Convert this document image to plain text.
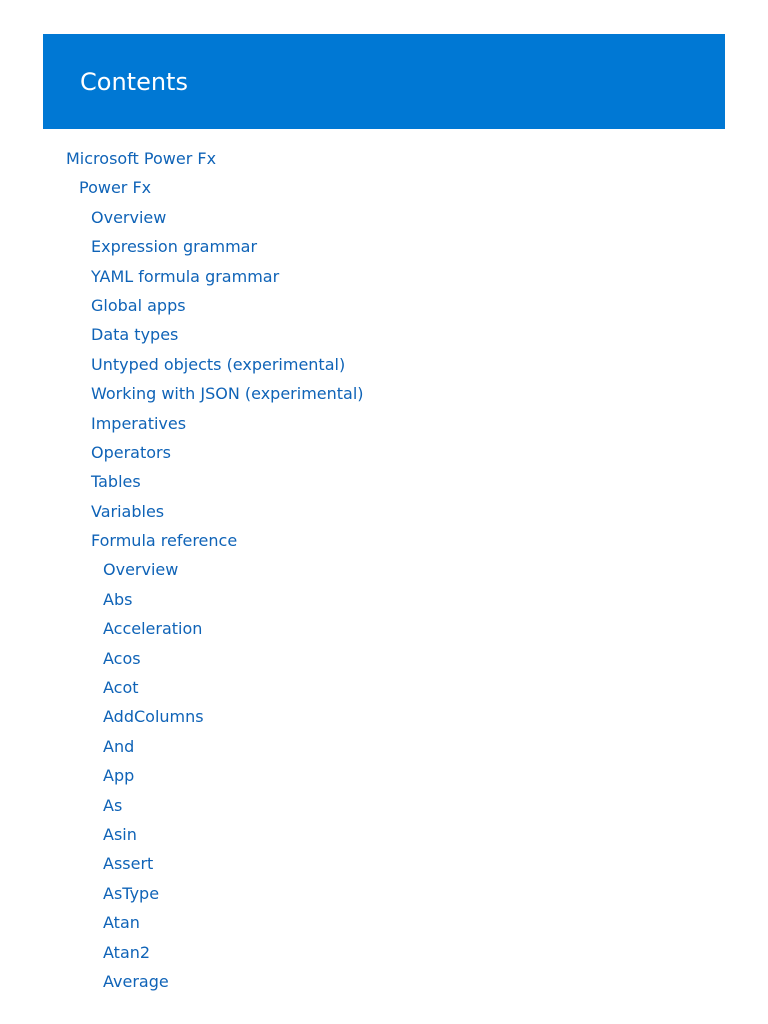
Contents
Microsoft Power Fx
Power Fx
Overview
Expression grammar
YAML formula grammar
Global apps
Data types
Untyped objects (experimental)
Working with JSON (experimental)
Imperatives
Operators
Tables
Variables
Formula reference
Overview
Abs
Acceleration
Acos
Acot
AddColumns
And
App
As
Asin
Assert
AsType
Atan
Atan2
Average
